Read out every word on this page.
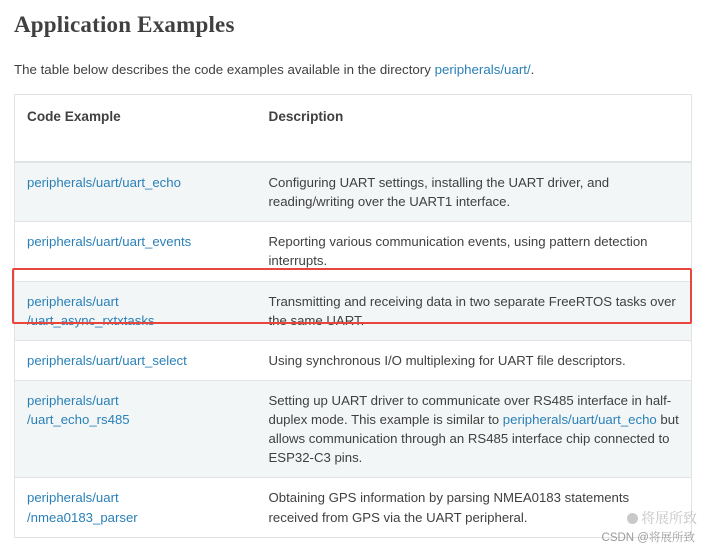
Application Examples

The table below describes the code examples available in the directory peripherals/uart/.

Code Example	Description

peripherals/uart/uart_echo	Configuring UART settings, installing the UART driver, and reading/writing over the UART1 interface.

peripherals/uart/uart_events	Reporting various communication events, using pattern detection interrupts.

peripherals/uart
/uart_async_rxtxtasks	Transmitting and receiving data in two separate FreeRTOS tasks over the same UART.

peripherals/uart/uart_select	Using synchronous I/O multiplexing for UART file descriptors.

peripherals/uart
/uart_echo_rs485	Setting up UART driver to communicate over RS485 interface in half-duplex mode. This example is similar to peripherals/uart/uart_echo but allows communication through an RS485 interface chip connected to ESP32-C3 pins.

peripherals/uart
/nmea0183_parser	Obtaining GPS information by parsing NMEA0183 statements received from GPS via the UART peripheral.	将展所致
CSDN @将展所致
